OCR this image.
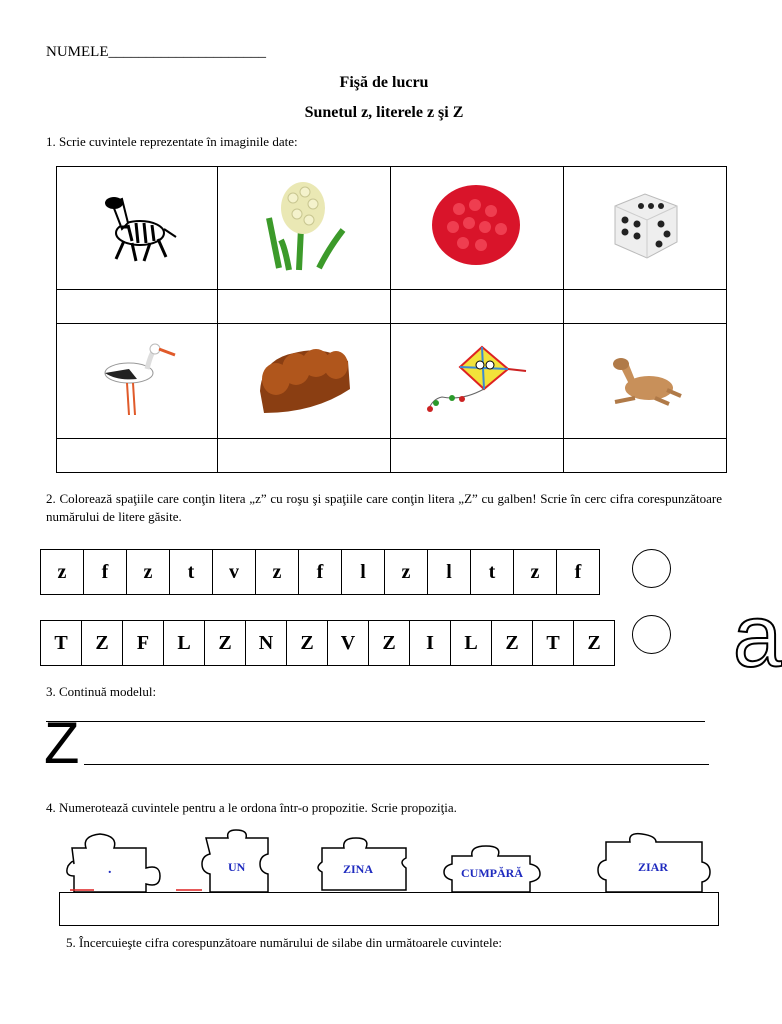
NUMELE_____________________
Fişă de lucru
Sunetul z, literele z şi Z
1. Scrie cuvintele reprezentate în imaginile date:

2. Colorează spaţiile care conţin litera „z” cu roşu şi spaţiile care conţin litera „Z” cu galben! Scrie în cerc cifra corespunzătoare numărului de litere găsite.
z	f	z	t	v	z	f	l	z	l	t	z	f
T	Z	F	L	Z	N	Z	V	Z	I	L	Z	T	Z a
3. Continuă modelul:
Z
4. Numerotează cuvintele pentru a le ordona într-o propozitie. Scrie propoziţia.
.	UN	ZINA	CUMPĂRĂ	ZIAR
5. Încercuieşte cifra corespunzătoare numărului de silabe din următoarele cuvintele:
